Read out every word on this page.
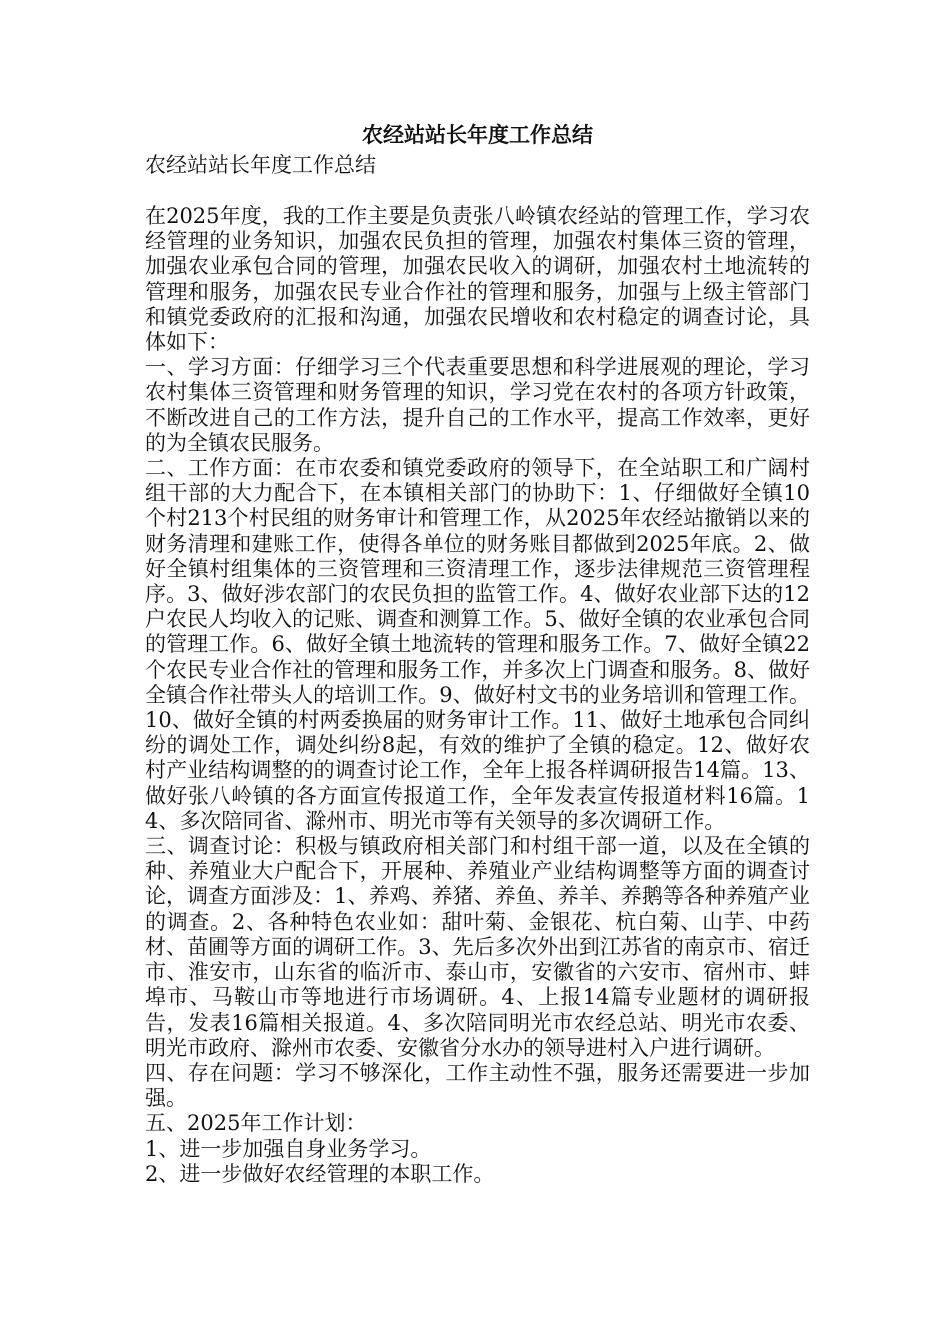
农经站站长年度工作总结

农经站站长年度工作总结

在2025年度，我的工作主要是负责张八岭镇农经站的管理工作，学习农经管理的业务知识，加强农民负担的管理，加强农村集体三资的管理，加强农业承包合同的管理，加强农民收入的调研，加强农村土地流转的管理和服务，加强农民专业合作社的管理和服务，加强与上级主管部门和镇党委政府的汇报和沟通，加强农民增收和农村稳定的调查讨论，具体如下：

一、学习方面：仔细学习三个代表重要思想和科学进展观的理论，学习农村集体三资管理和财务管理的知识，学习党在农村的各项方针政策，不断改进自己的工作方法，提升自己的工作水平，提高工作效率，更好的为全镇农民服务。

二、工作方面：在市农委和镇党委政府的领导下，在全站职工和广阔村组干部的大力配合下，在本镇相关部门的协助下：1、仔细做好全镇10个村213个村民组的财务审计和管理工作，从2025年农经站撤销以来的财务清理和建账工作，使得各单位的财务账目都做到2025年底。2、做好全镇村组集体的三资管理和三资清理工作，逐步法律规范三资管理程序。3、做好涉农部门的农民负担的监管工作。4、做好农业部下达的12户农民人均收入的记账、调查和测算工作。5、做好全镇的农业承包合同的管理工作。6、做好全镇土地流转的管理和服务工作。7、做好全镇22个农民专业合作社的管理和服务工作，并多次上门调查和服务。8、做好全镇合作社带头人的培训工作。9、做好村文书的业务培训和管理工作。10、做好全镇的村两委换届的财务审计工作。11、做好土地承包合同纠纷的调处工作，调处纠纷8起，有效的维护了全镇的稳定。12、做好农村产业结构调整的的调查讨论工作，全年上报各样调研报告14篇。13、做好张八岭镇的各方面宣传报道工作，全年发表宣传报道材料16篇。14、多次陪同省、滁州市、明光市等有关领导的多次调研工作。

三、调查讨论：积极与镇政府相关部门和村组干部一道，以及在全镇的种、养殖业大户配合下，开展种、养殖业产业结构调整等方面的调查讨论，调查方面涉及：1、养鸡、养猪、养鱼、养羊、养鹅等各种养殖产业的调查。2、各种特色农业如：甜叶菊、金银花、杭白菊、山芋、中药材、苗圃等方面的调研工作。3、先后多次外出到江苏省的南京市、宿迁市、淮安市，山东省的临沂市、泰山市，安徽省的六安市、宿州市、蚌埠市、马鞍山市等地进行市场调研。4、上报14篇专业题材的调研报告，发表16篇相关报道。4、多次陪同明光市农经总站、明光市农委、明光市政府、滁州市农委、安徽省分水办的领导进村入户进行调研。

四、存在问题：学习不够深化，工作主动性不强，服务还需要进一步加强。

五、2025年工作计划：

1、进一步加强自身业务学习。

2、进一步做好农经管理的本职工作。
